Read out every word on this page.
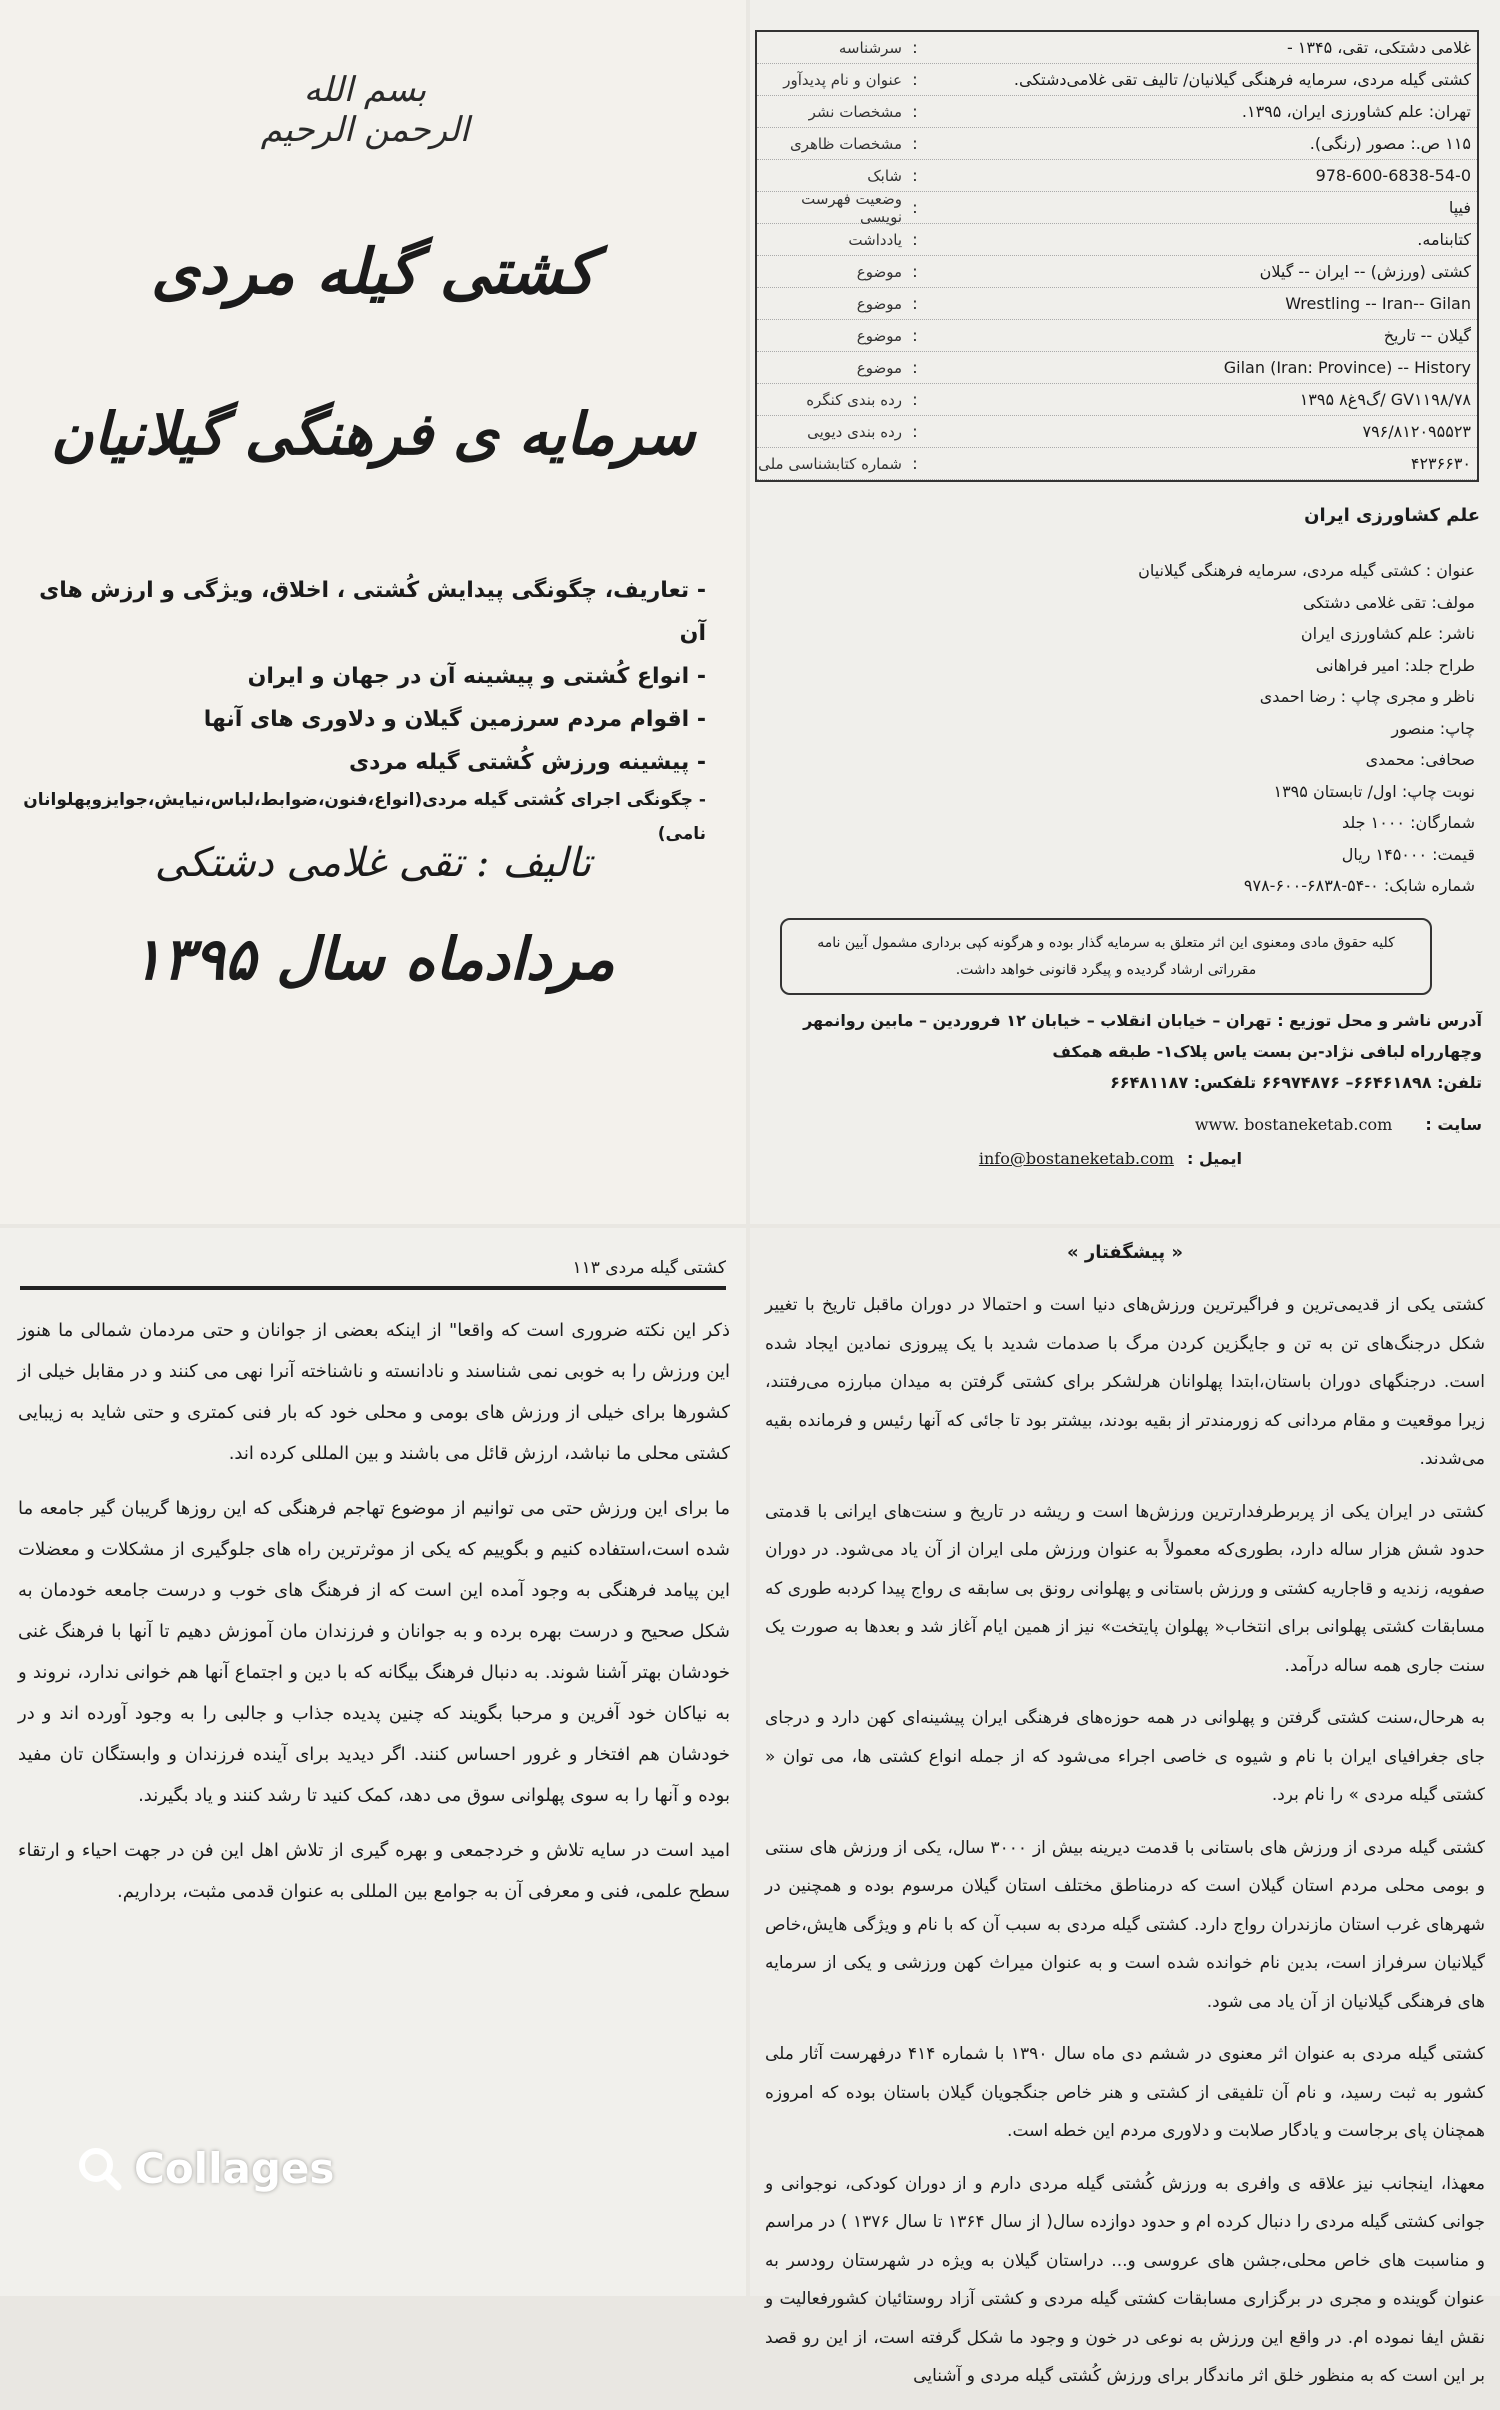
بسم الله الرحمن الرحیم
کشتی گیله مردی
سرمایه ی فرهنگی گیلانیان
- تعاریف، چگونگی پیدایش کُشتی ، اخلاق، ویژگی و ارزش های آن
- انواع کُشتی و پیشینه آن در جهان و ایران
- اقوام مردم سرزمین گیلان و دلاوری های آنها
- پیشینه ورزش کُشتی گیله مردی
- چگونگی اجرای کُشتی گیله مردی(انواع،فنون،ضوابط،لباس،نیایش،جوایزوپهلوانان نامی)
تالیف : تقی غلامی دشتکی
مردادماه سال ۱۳۹۵
سرشناسه :	غلامی دشتکی، تقی، ۱۳۴۵ -
عنوان و نام پدیدآور :	کشتی گیله مردی، سرمایه فرهنگی گیلانیان/ تالیف تقی غلامی‌دشتکی.
مشخصات نشر :	تهران: علم کشاورزی ایران، ۱۳۹۵.
مشخصات ظاهری :	۱۱۵ ص.: مصور (رنگی).
شابک :	978-600-6838-54-0
وضعیت فهرست نویسی :	فیپا
یادداشت :	کتابنامه.
موضوع :	کشتی (ورزش) -- ایران -- گیلان
موضوع :	Wrestling -- Iran-- Gilan
موضوع :	گیلان -- تاریخ
موضوع :	Gilan (Iran: Province) -- History
رده بندی کنگره :	GV۱۱۹۸/۷۸ /گ۹غ۸ ۱۳۹۵
رده بندی دیویی :	۷۹۶/۸۱۲۰۹۵۵۲۳
شماره کتابشناسی ملی :	۴۲۳۶۶۳۰
علم کشاورزی ایران
عنوان : کشتی گیله مردی، سرمایه فرهنگی گیلانیان
مولف: تقی غلامی دشتکی
ناشر: علم کشاورزی ایران
طراح جلد: امیر فراهانی
ناظر و مجری چاپ : رضا احمدی
چاپ: منصور
صحافی: محمدی
نوبت چاپ: اول/ تابستان ۱۳۹۵
شمارگان: ۱۰۰۰ جلد
قیمت: ۱۴۵۰۰۰ ریال
شماره شابک: ۰-۵۴-۶۸۳۸-۶۰۰-۹۷۸
کلیه حقوق مادی ومعنوی این اثر متعلق به سرمایه گذار بوده و هرگونه کپی برداری مشمول آیین نامه مقرراتی ارشاد گردیده و پیگرد قانونی خواهد داشت.
آدرس ناشر و محل توزیع : تهران – خیابان انقلاب – خیابان ۱۲ فروردین – مابین روانمهر
وچهارراه لبافی نژاد-بن بست یاس پلاک۱- طبقه همکف
تلفن: ۶۶۴۶۱۸۹۸– ۶۶۹۷۴۸۷۶ تلفکس: ۶۶۴۸۱۱۸۷
سایت : www. bostaneketab.com
ایمیل : info@bostaneketab.com
کشتی گیله مردی ۱۱۳

ذکر این نکته ضروری است که واقعا" از اینکه بعضی از جوانان و حتی مردمان شمالی ما هنوز این ورزش را به خوبی نمی شناسند و نادانسته و ناشناخته آنرا نهی می کنند و در مقابل خیلی از کشورها برای خیلی از ورزش های بومی و محلی خود که بار فنی کمتری و حتی شاید به زیبایی کشتی محلی ما نباشد، ارزش قائل می باشند و بین المللی کرده اند.

ما برای این ورزش حتی می توانیم از موضوع تهاجم فرهنگی که این روزها گریبان گیر جامعه ما شده است،استفاده کنیم و بگوییم که یکی از موثرترین راه های جلوگیری از مشکلات و معضلات این پیامد فرهنگی به وجود آمده این است که از فرهنگ های خوب و درست جامعه خودمان به شکل صحیح و درست بهره برده و به جوانان و فرزندان مان آموزش دهیم تا آنها با فرهنگ غنی خودشان بهتر آشنا شوند. به دنبال فرهنگ بیگانه که با دین و اجتماع آنها هم خوانی ندارد، نروند و به نیاکان خود آفرین و مرحبا بگویند که چنین پدیده جذاب و جالبی را به وجود آورده اند و در خودشان هم افتخار و غرور احساس کنند. اگر دیدید برای آینده فرزندان و وابستگان تان مفید بوده و آنها را به سوی پهلوانی سوق می دهد، کمک کنید تا رشد کنند و یاد بگیرند.

امید است در سایه تلاش و خردجمعی و بهره گیری از تلاش اهل این فن در جهت احیاء و ارتقاء سطح علمی، فنی و معرفی آن به جوامع بین المللی به عنوان قدمی مثبت، برداریم.

« پیشگفتار »

کشتی یکی از قدیمی‌ترین و فراگیرترین ورزش‌های دنیا است و احتمالا در دوران ماقبل تاریخ با تغییر شکل درجنگ‌های تن به تن و جایگزین کردن مرگ با صدمات شدید با یک پیروزی نمادین ایجاد شده است. درجنگهای دوران باستان،ابتدا پهلوانان هرلشکر برای کشتی گرفتن به میدان مبارزه می‌رفتند، زیرا موقعیت و مقام مردانی که زورمندتر از بقیه بودند، بیشتر بود تا جائی که آنها رئیس و فرمانده بقیه می‌شدند.

کشتی در ایران یکی از پربرطرفدارترین ورزش‌ها است و ریشه در تاریخ و سنت‌های ایرانی با قدمتی حدود شش هزار ساله دارد، بطوری‌که معمولاً به عنوان ورزش ملی ایران از آن یاد می‌شود. در دوران صفویه، زندیه و قاجاریه کشتی و ورزش باستانی و پهلوانی رونق بی سابقه ی رواج پیدا کردبه طوری که مسابقات کشتی پهلوانی برای انتخاب« پهلوان پایتخت» نیز از همین ایام آغاز شد و بعدها به صورت یک سنت جاری همه ساله درآمد.

به هرحال،سنت کشتی گرفتن و پهلوانی در همه حوزه‌های فرهنگی ایران پیشینه‌ای کهن دارد و درجای جای جغرافیای ایران با نام و شیوه ی خاصی اجراء می‌شود که از جمله انواع کشتی ها، می توان « کشتی گیله مردی » را نام برد.

کشتی گیله مردی از ورزش های باستانی با قدمت دیرینه بیش از ۳۰۰۰ سال، یکی از ورزش های سنتی و بومی محلی مردم استان گیلان است که درمناطق مختلف استان گیلان مرسوم بوده و همچنین در شهرهای غرب استان مازندران رواج دارد. کشتی گیله مردی به سبب آن که با نام و ویژگی هایش،خاص گیلانیان سرفراز است، بدین نام خوانده شده است و به عنوان میراث کهن ورزشی و یکی از سرمایه های فرهنگی گیلانیان از آن یاد می شود.

کشتی گیله مردی به عنوان اثر معنوی در ششم دی ماه سال ۱۳۹۰ با شماره ۴۱۴ درفهرست آثار ملی کشور به ثبت رسید، و نام آن تلفیقی از کشتی و هنر خاص جنگجویان گیلان باستان بوده که امروزه همچنان پای برجاست و یادگار صلابت و دلاوری مردم این خطه است.

معهذا، اینجانب نیز علاقه ی وافری به ورزش کُشتی گیله مردی دارم و از دوران کودکی، نوجوانی و جوانی کشتی گیله مردی را دنبال کرده ام و حدود دوازده سال( از سال ۱۳۶۴ تا سال ۱۳۷۶ ) در مراسم و مناسبت های خاص محلی،جشن های عروسی و... دراستان گیلان به ویژه در شهرستان رودسر به عنوان گوینده و مجری در برگزاری مسابقات کشتی گیله مردی و کشتی آزاد روستائیان کشورفعالیت و نقش ایفا نموده ام. در واقع این ورزش به نوعی در خون و وجود ما شکل گرفته است، از این رو قصد بر این است که به منظور خلق اثر ماندگار برای ورزش کُشتی گیله مردی و آشنایی

Collages
